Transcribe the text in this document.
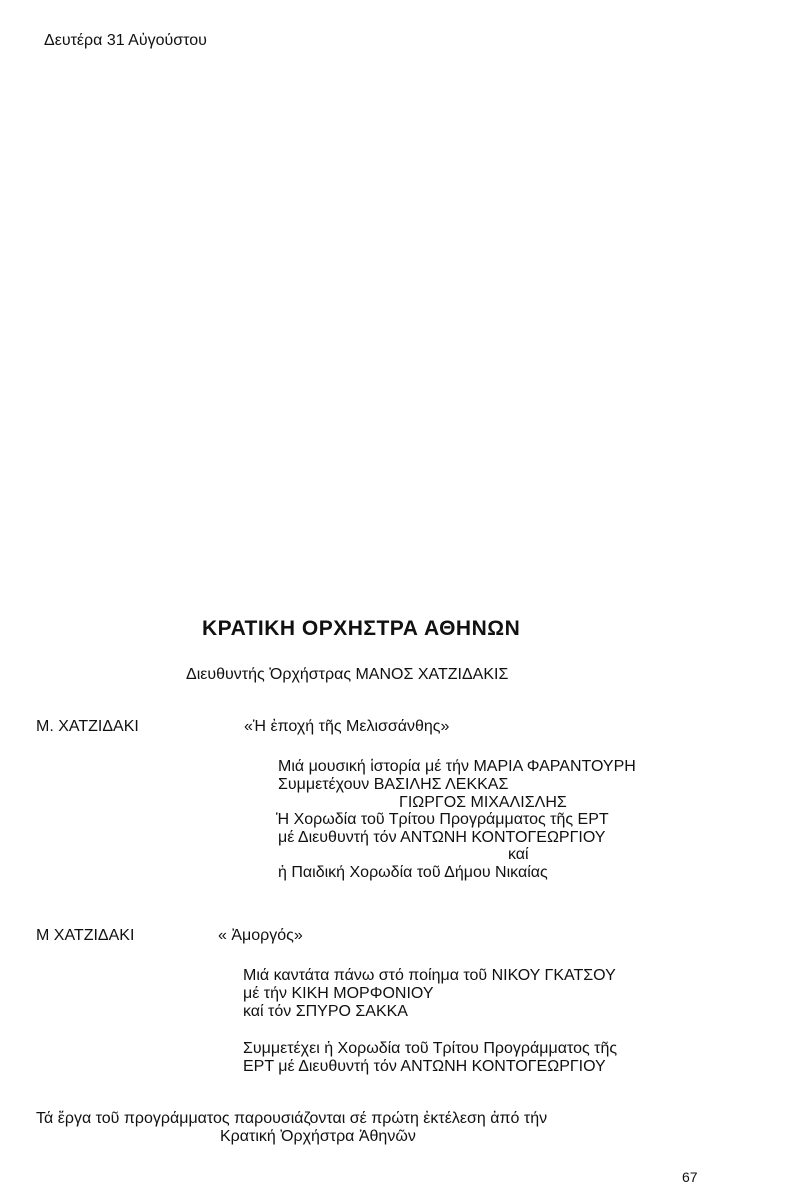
Δευτέρα 31 Αὐγούστου
ΚΡΑΤΙΚΗ ΟΡΧΗΣΤΡΑ ΑΘΗΝΩΝ
Διευθυντής Ὀρχήστρας ΜΑΝΟΣ ΧΑΤΖΙΔΑΚΙΣ
Μ. ΧΑΤΖΙΔΑΚΙ	«Ἡ ἐποχή τῆς Μελισσάνθης»
Μιά μουσική ἱστορία μέ τήν ΜΑΡΙΑ ΦΑΡΑΝΤΟΥΡΗ
Συμμετέχουν ΒΑΣΙΛΗΣ ΛΕΚΚΑΣ
ΓΙΩΡΓΟΣ ΜΙΧΑΛΙΣΛΗΣ
Ἡ Χορωδία τοῦ Τρίτου Προγράμματος τῆς ΕΡΤ
μέ Διευθυντή τόν ΑΝΤΩΝΗ ΚΟΝΤΟΓΕΩΡΓΙΟΥ
καί
ἡ Παιδική Χορωδία τοῦ Δήμου Νικαίας
Μ ΧΑΤΖΙΔΑΚΙ	« Ἀμοργός»
Μιά καντάτα πάνω στό ποίημα τοῦ ΝΙΚΟΥ ΓΚΑΤΣΟΥ
μέ τήν ΚΙΚΗ ΜΟΡΦΟΝΙΟΥ
καί τόν ΣΠΥΡΟ ΣΑΚΚΑ
Συμμετέχει ἡ Χορωδία τοῦ Τρίτου Προγράμματος τῆς
ΕΡΤ μέ Διευθυντή τόν ΑΝΤΩΝΗ ΚΟΝΤΟΓΕΩΡΓΙΟΥ
Τά ἔργα τοῦ προγράμματος παρουσιάζονται σέ πρώτη ἐκτέλεση ἀπό τήν
Κρατική Ὀρχήστρα Ἀθηνῶν
67
